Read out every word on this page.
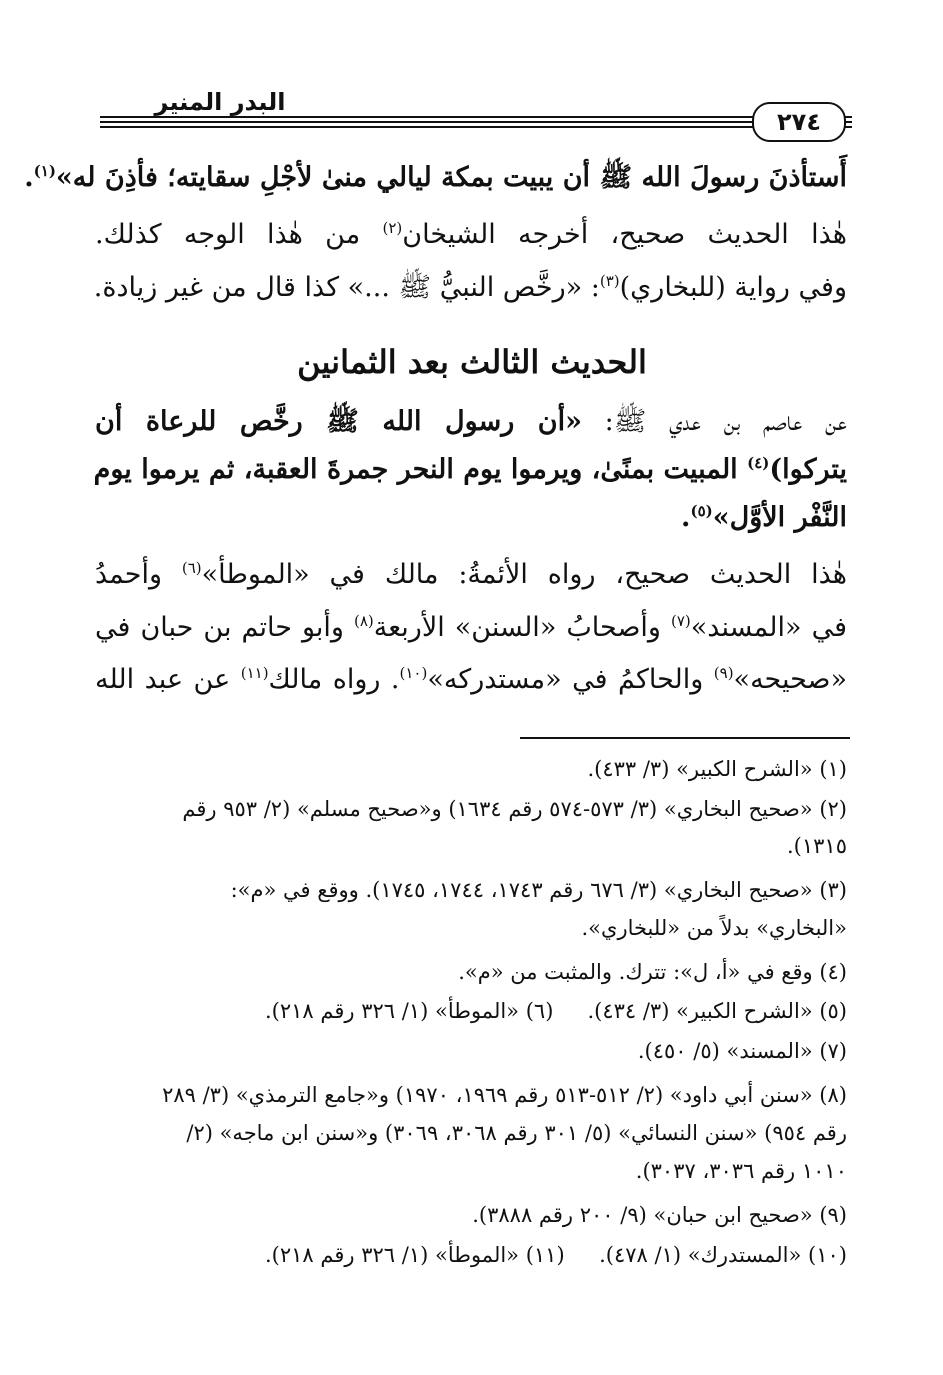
البدر المنير
٢٧٤
أَستأذنَ رسولَ الله ﷺ أن يبيت بمكة ليالي منىٰ لأجْلِ سقايته؛ فأذِنَ له»$^{(١)}$.
هٰذا الحديث صحيح، أخرجه الشيخان$^{(٢)}$ من هٰذا الوجه كذلك.
وفي رواية (للبخاري)$^{(٣)}$: «رخَّص النبيُّ ﷺ ...» كذا قال من غير زيادة.
الحديث الثالث بعد الثمانين
عن عاصم بن عدي ﷺ: «أن رسول الله ﷺ رخَّص للرعاة أن
يتركوا)$^{(٤)}$ المبيت بمنًىٰ، ويرموا يوم النحر جمرةَ العقبة، ثم يرموا يوم
النَّفْر الأوَّل»$^{(٥)}$.
هٰذا الحديث صحيح، رواه الأئمةُ: مالك في «الموطأ»$^{(٦)}$ وأحمدُ
في «المسند»$^{(٧)}$ وأصحابُ «السنن» الأربعة$^{(٨)}$ وأبو حاتم بن حبان في
«صحيحه»$^{(٩)}$ والحاكمُ في «مستدركه»$^{(١٠)}$. رواه مالك$^{(١١)}$ عن عبد الله
(١) «الشرح الكبير» (٣/ ٤٣٣).
(٢) «صحيح البخاري» (٣/ ٥٧٣-٥٧٤ رقم ١٦٣٤) و«صحيح مسلم» (٢/ ٩٥٣ رقم
١٣١٥).
(٣) «صحيح البخاري» (٣/ ٦٧٦ رقم ١٧٤٣، ١٧٤٤، ١٧٤٥). ووقع في «م»:
«البخاري» بدلاً من «للبخاري».
(٤) وقع في «أ، ل»: تترك. والمثبت من «م».
(٥) «الشرح الكبير» (٣/ ٤٣٤).
(٦) «الموطأ» (١/ ٣٢٦ رقم ٢١٨).
(٧) «المسند» (٥/ ٤٥٠).
(٨) «سنن أبي داود» (٢/ ٥١٢-٥١٣ رقم ١٩٦٩، ١٩٧٠) و«جامع الترمذي» (٣/ ٢٨٩
رقم ٩٥٤) «سنن النسائي» (٥/ ٣٠١ رقم ٣٠٦٨، ٣٠٦٩) و«سنن ابن ماجه» (٢/
١٠١٠ رقم ٣٠٣٦، ٣٠٣٧).
(٩) «صحيح ابن حبان» (٩/ ٢٠٠ رقم ٣٨٨٨).
(١٠) «المستدرك» (١/ ٤٧٨).
(١١) «الموطأ» (١/ ٣٢٦ رقم ٢١٨).
